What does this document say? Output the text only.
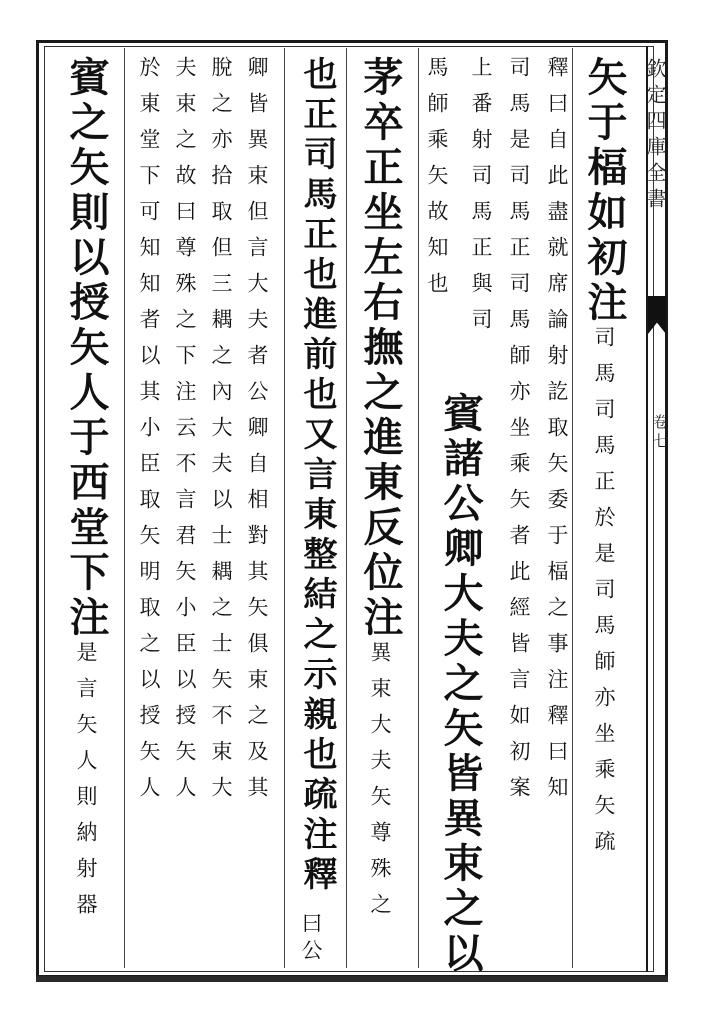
欽定四庫全書
卷七
矢于楅如初注司馬司馬正於是司馬師亦坐乘矢疏
釋曰自此盡就席論射訖取矢委于楅之事注釋曰知
司馬是司馬正司馬師亦坐乘矢者此經皆言如初案
上番射司馬正與司
馬師乘矢故知也
賓諸公卿大夫之矢皆異束之以
茅卒正坐左右撫之進東反位注異束大夫矢尊殊之
也正司馬正也進前也又言東整結之示親也疏注釋
曰公
卿皆異束但言大夫者公卿自相對其矢俱束之及其
脫之亦拾取但三耦之內大夫以士耦之士矢不束大
夫束之故曰尊殊之下注云不言君矢小臣以授矢人
於東堂下可知知者以其小臣取矢明取之以授矢人
賓之矢則以授矢人于西堂下注是言矢人則納射器
